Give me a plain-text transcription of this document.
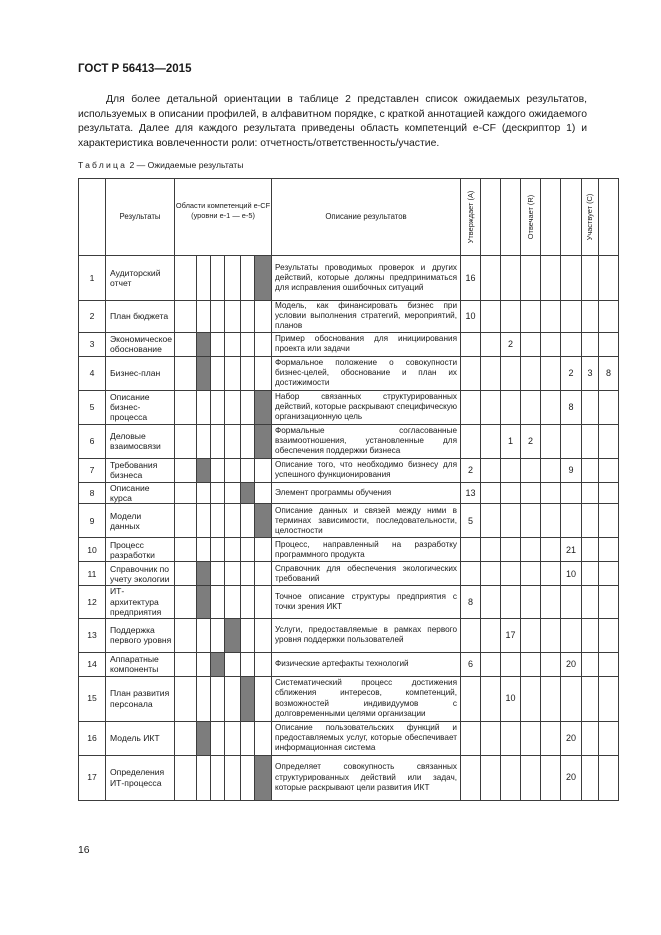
ГОСТ Р 56413—2015

Для более детальной ориентации в таблице 2 представлен список ожидаемых результатов, используемых в описании профилей, в алфавитном порядке, с краткой аннотацией каждого ожидаемого результата. Далее для каждого результата приведены область компетенций e-CF (дескриптор 1) и характеристика вовлеченности роли: отчетность/ответственность/участие.

Таблица 2 — Ожидаемые результаты
	Результаты	Области компетенций e-CF (уровни e-1 — e-5)						Описание результатов	Утверждает (A)			Отвечает (R)			Участвует (C)	

1	Аудиторский отчет							Результаты проводимых проверок и других действий, которые должны предприниматься для исправления ошибочных ситуаций	16							
2	План бюджета							Модель, как финансировать бизнес при условии выполнения стратегий, мероприятий, планов	10							
3	Экономическое обоснование							Пример обоснования для инициирования проекта или задачи			2					
4	Бизнес-план							Формальное положение о совокупности бизнес-целей, обоснование и план их достижимости						2	3	8
5	Описание бизнес-процесса							Набор связанных структурированных действий, которые раскрывают специфическую организационную цель						8		
6	Деловые взаимосвязи							Формальные согласованные взаимоотношения, установленные для обеспечения поддержки бизнеса			1	2				
7	Требования бизнеса							Описание того, что необходимо бизнесу для успешного функционирования	2					9		
8	Описание курса							Элемент программы обучения	13							
9	Модели данных							Описание данных и связей между ними в терминах зависимости, последовательности, целостности	5							
10	Процесс разработки							Процесс, направленный на разработку программного продукта						21		
11	Справочник по учету экологии							Справочник для обеспечения экологических требований						10		
12	ИТ-архитектура предприятия							Точное описание структуры предприятия с точки зрения ИКТ	8							
13	Поддержка первого уровня							Услуги, предоставляемые в рамках первого уровня поддержки пользователей			17					
14	Аппаратные компоненты							Физические артефакты технологий	6					20		
15	План развития персонала							Систематический процесс достижения сближения интересов, компетенций, возможностей индивидуумов с долговременными целями организации			10					
16	Модель ИКТ							Описание пользовательских функций и предоставляемых услуг, которые обеспечивает информационная система						20		
17	Определения ИТ-процесса							Определяет совокупность связанных структурированных действий или задач, которые раскрывают цели развития ИКТ						20		
16
